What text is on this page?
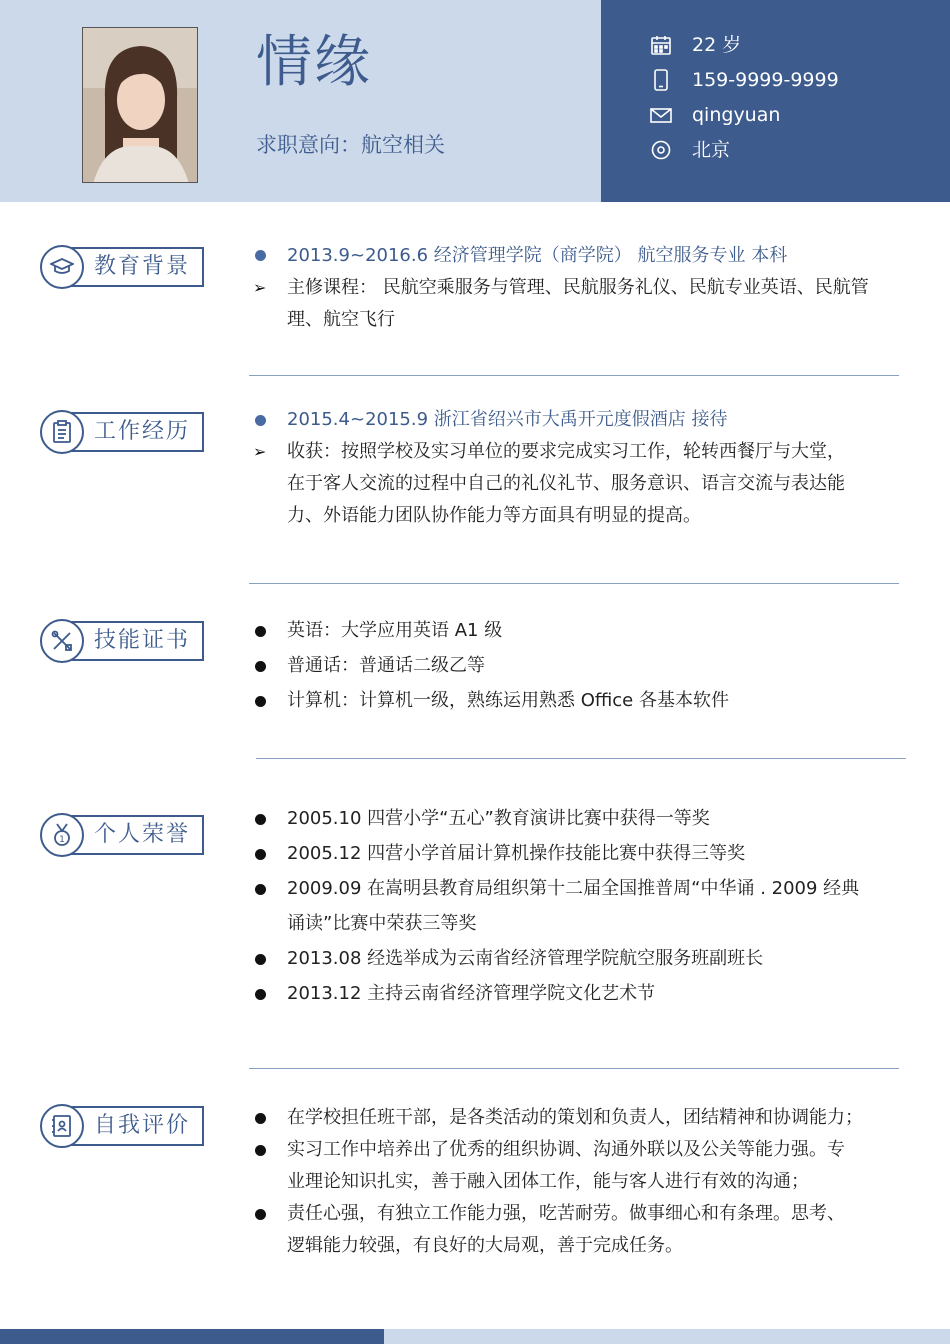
情缘
求职意向：航空相关
22 岁
159-9999-9999
qingyuan
北京
教育背景	2013.9~2016.6 经济管理学院（商学院） 航空服务专业 本科
➢ 主修课程： 民航空乘服务与管理、民航服务礼仪、民航专业英语、民航管
理、航空飞行
工作经历	2015.4~2015.9 浙江省绍兴市大禹开元度假酒店 接待
➢ 收获：按照学校及实习单位的要求完成实习工作，轮转西餐厅与大堂，
在于客人交流的过程中自己的礼仪礼节、服务意识、语言交流与表达能
力、外语能力团队协作能力等方面具有明显的提高。
技能证书	英语：大学应用英语 A1 级
普通话：普通话二级乙等
计算机：计算机一级，熟练运用熟悉 Office 各基本软件
1 个人荣誉
2005.10 四营小学“五心”教育演讲比赛中获得一等奖
2005.12 四营小学首届计算机操作技能比赛中获得三等奖
2009.09 在嵩明县教育局组织第十二届全国推普周“中华诵 . 2009 经典
诵读”比赛中荣获三等奖
2013.08 经选举成为云南省经济管理学院航空服务班副班长
2013.12 主持云南省经济管理学院文化艺术节
自我评价	在学校担任班干部，是各类活动的策划和负责人，团结精神和协调能力；
实习工作中培养出了优秀的组织协调、沟通外联以及公关等能力强。专
业理论知识扎实，善于融入团体工作，能与客人进行有效的沟通；
责任心强，有独立工作能力强，吃苦耐劳。做事细心和有条理。思考、
逻辑能力较强，有良好的大局观，善于完成任务。
